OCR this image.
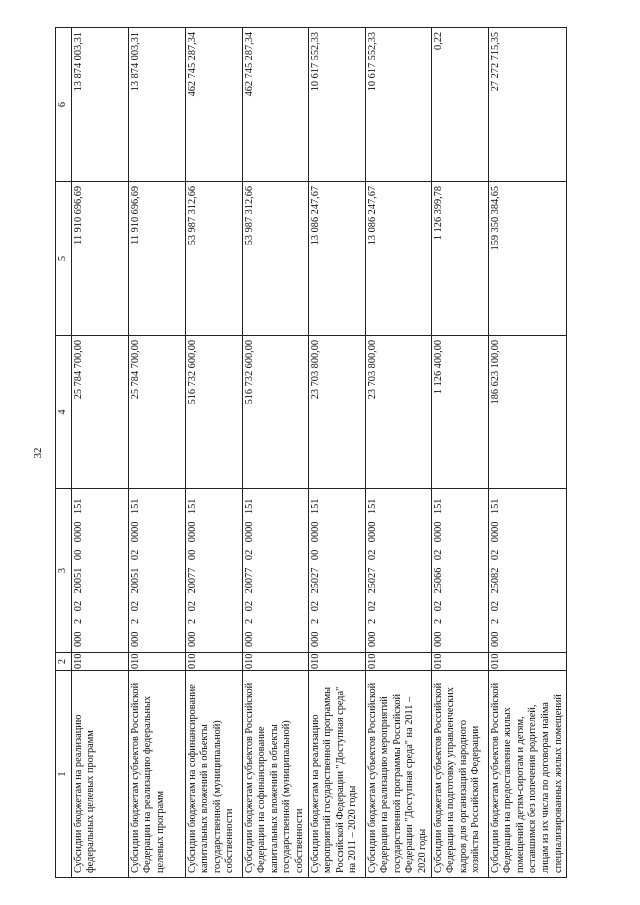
32
1	2	3	4	5	6
Субсидии бюджетам на реализацию федеральных целевых программ	010	000 2 02 20051 00 0000 151	25 784 700,00	11 910 696,69	13 874 003,31
Субсидии бюджетам субъектов Российской Федерации на реализацию федеральных целевых программ	010	000 2 02 20051 02 0000 151	25 784 700,00	11 910 696,69	13 874 003,31
Субсидии бюджетам на софинансирование капитальных вложений в объекты государственной (муниципальной) собственности	010	000 2 02 20077 00 0000 151	516 732 600,00	53 987 312,66	462 745 287,34
Субсидии бюджетам субъектов Российской Федерации на софинансирование капитальных вложений в объекты государственной (муниципальной) собственности	010	000 2 02 20077 02 0000 151	516 732 600,00	53 987 312,66	462 745 287,34
Субсидии бюджетам на реализацию мероприятий государственной программы Российской Федерации "Доступная среда" на 2011 – 2020 годы	010	000 2 02 25027 00 0000 151	23 703 800,00	13 086 247,67	10 617 552,33
Субсидии бюджетам субъектов Российской Федерации на реализацию мероприятий государственной программы Российской Федерации "Доступная среда" на 2011 – 2020 годы	010	000 2 02 25027 02 0000 151	23 703 800,00	13 086 247,67	10 617 552,33
Субсидии бюджетам субъектов Российской Федерации на подготовку управленческих кадров для организаций народного хозяйства Российской Федерации	010	000 2 02 25066 02 0000 151	1 126 400,00	1 126 399,78	0,22
Субсидии бюджетам субъектов Российской Федерации на предоставление жилых помещений детям-сиротам и детям, оставшимся без попечения родителей, лицам из их числа по договорам найма специализированных жилых помещений	010	000 2 02 25082 02 0000 151	186 623 100,00	159 350 384,65	27 272 715,35
